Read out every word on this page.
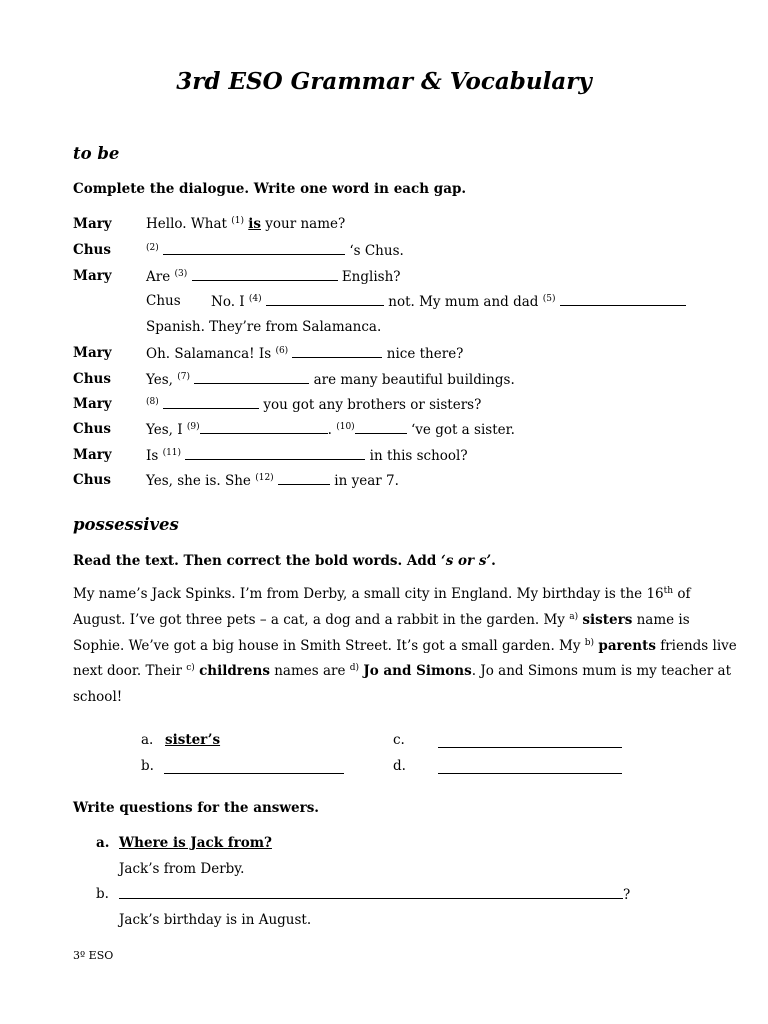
3rd ESO Grammar & Vocabulary
to be
Complete the dialogue. Write one word in each gap.
Mary	Hello. What $^{(1)}$ is your name?
Chus	$^{(2)}$	‘s Chus.
Mary	Are $^{(3)}$	English?
Chus No. I $^{(4)}$	not. My mum and dad $^{(5)}$
Spanish. They’re from Salamanca.
Mary	Oh. Salamanca! Is $^{(6)}$	nice there?
Chus	Yes, $^{(7)}$	are many beautiful buildings.
Mary	$^{(8)}$	you got any brothers or sisters?
Chus	Yes, I $^{(9)}$	. $^{(10)}$	‘ve got a sister.
Mary	Is $^{(11)}$	in this school?
Chus	Yes, she is. She $^{(12)}$	in year 7.
possessives
Read the text. Then correct the bold words. Add ‘s or s’.
My name’s Jack Spinks. I’m from Derby, a small city in England. My birthday is the 16th of
August. I’ve got three pets – a cat, a dog and a rabbit in the garden. My $^{a)}$ sisters name is
Sophie. We’ve got a big house in Smith Street. It’s got a small garden. My $^{b)}$ parents friends live
next door. Their $^{c)}$ childrens names are $^{d)}$ Jo and Simons. Jo and Simons mum is my teacher at
school!
a. sister’s
b.
c.
d.
Write questions for the answers.
a. Where is Jack from?
Jack’s from Derby.
b.	?
Jack’s birthday is in August.
3º ESO
